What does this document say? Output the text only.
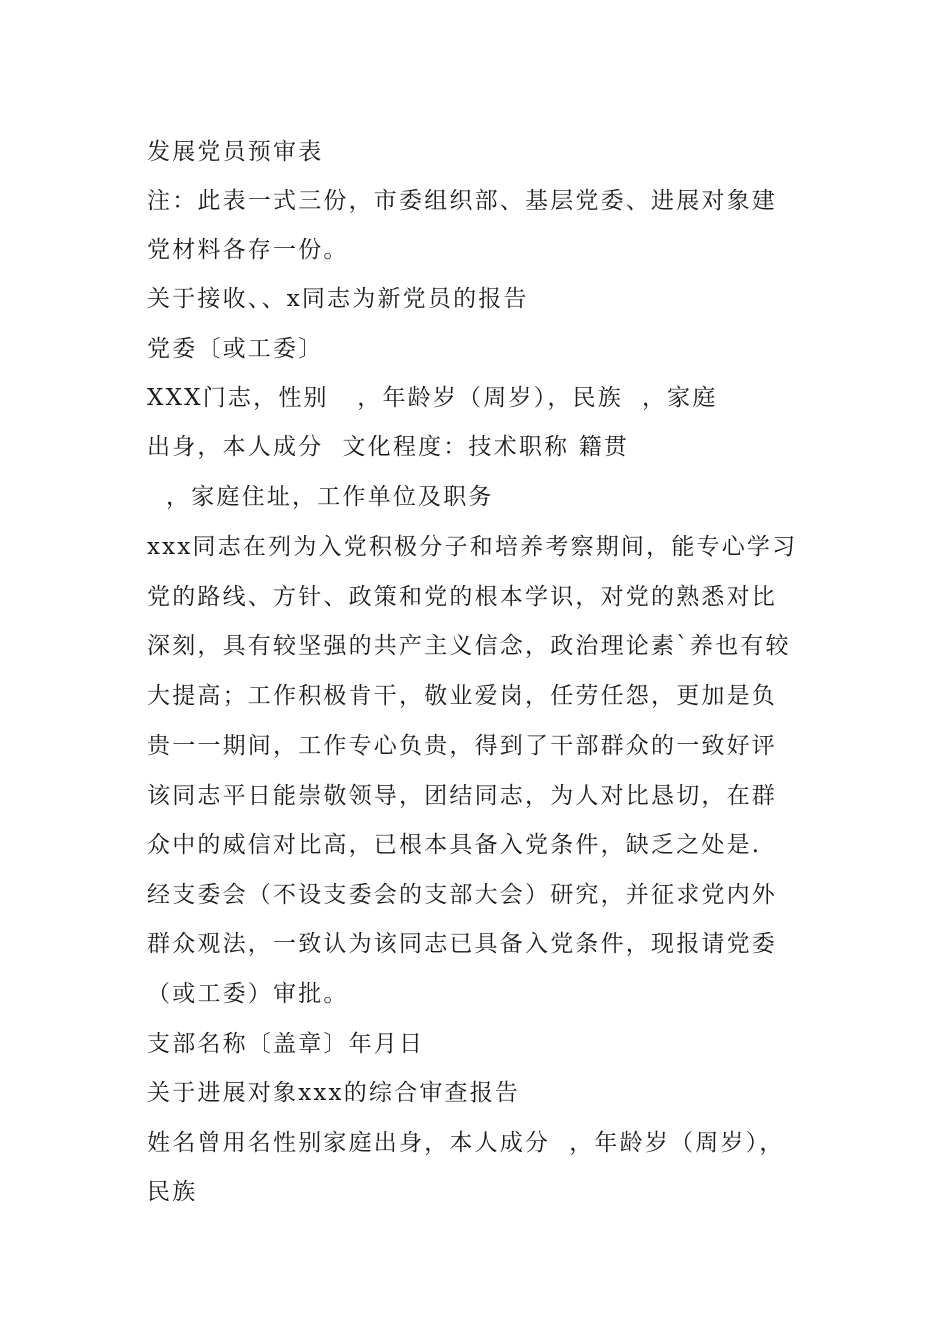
发展党员预审表
注：此表一式三份，市委组织部、基层党委、进展对象建
党材料各存一份。
关于接收、、x同志为新党员的报告
党委〔或工委〕
XXX门志，性别   ，年龄岁（周岁），民族  ，家庭
出身，本人成分  文化程度：技术职称 籍贯
，家庭住址，工作单位及职务
xxx同志在列为入党积极分子和培养考察期间，能专心学习
党的路线、方针、政策和党的根本学识，对党的熟悉对比
深刻，具有较坚强的共产主义信念，政治理论素`养也有较
大提高；工作积极肯干，敬业爱岗，任劳任怨，更加是负
贵一一期间，工作专心负贵，得到了干部群众的一致好评
该同志平日能崇敬领导，团结同志，为人对比恳切，在群
众中的威信对比高，已根本具备入党条件，缺乏之处是.
经支委会（不设支委会的支部大会）研究，并征求党内外
群众观法，一致认为该同志已具备入党条件，现报请党委
（或工委）审批。
支部名称〔盖章〕年月日
关于进展对象xxx的综合审查报告
姓名曾用名性别家庭出身，本人成分  ，年龄岁（周岁），
民族
